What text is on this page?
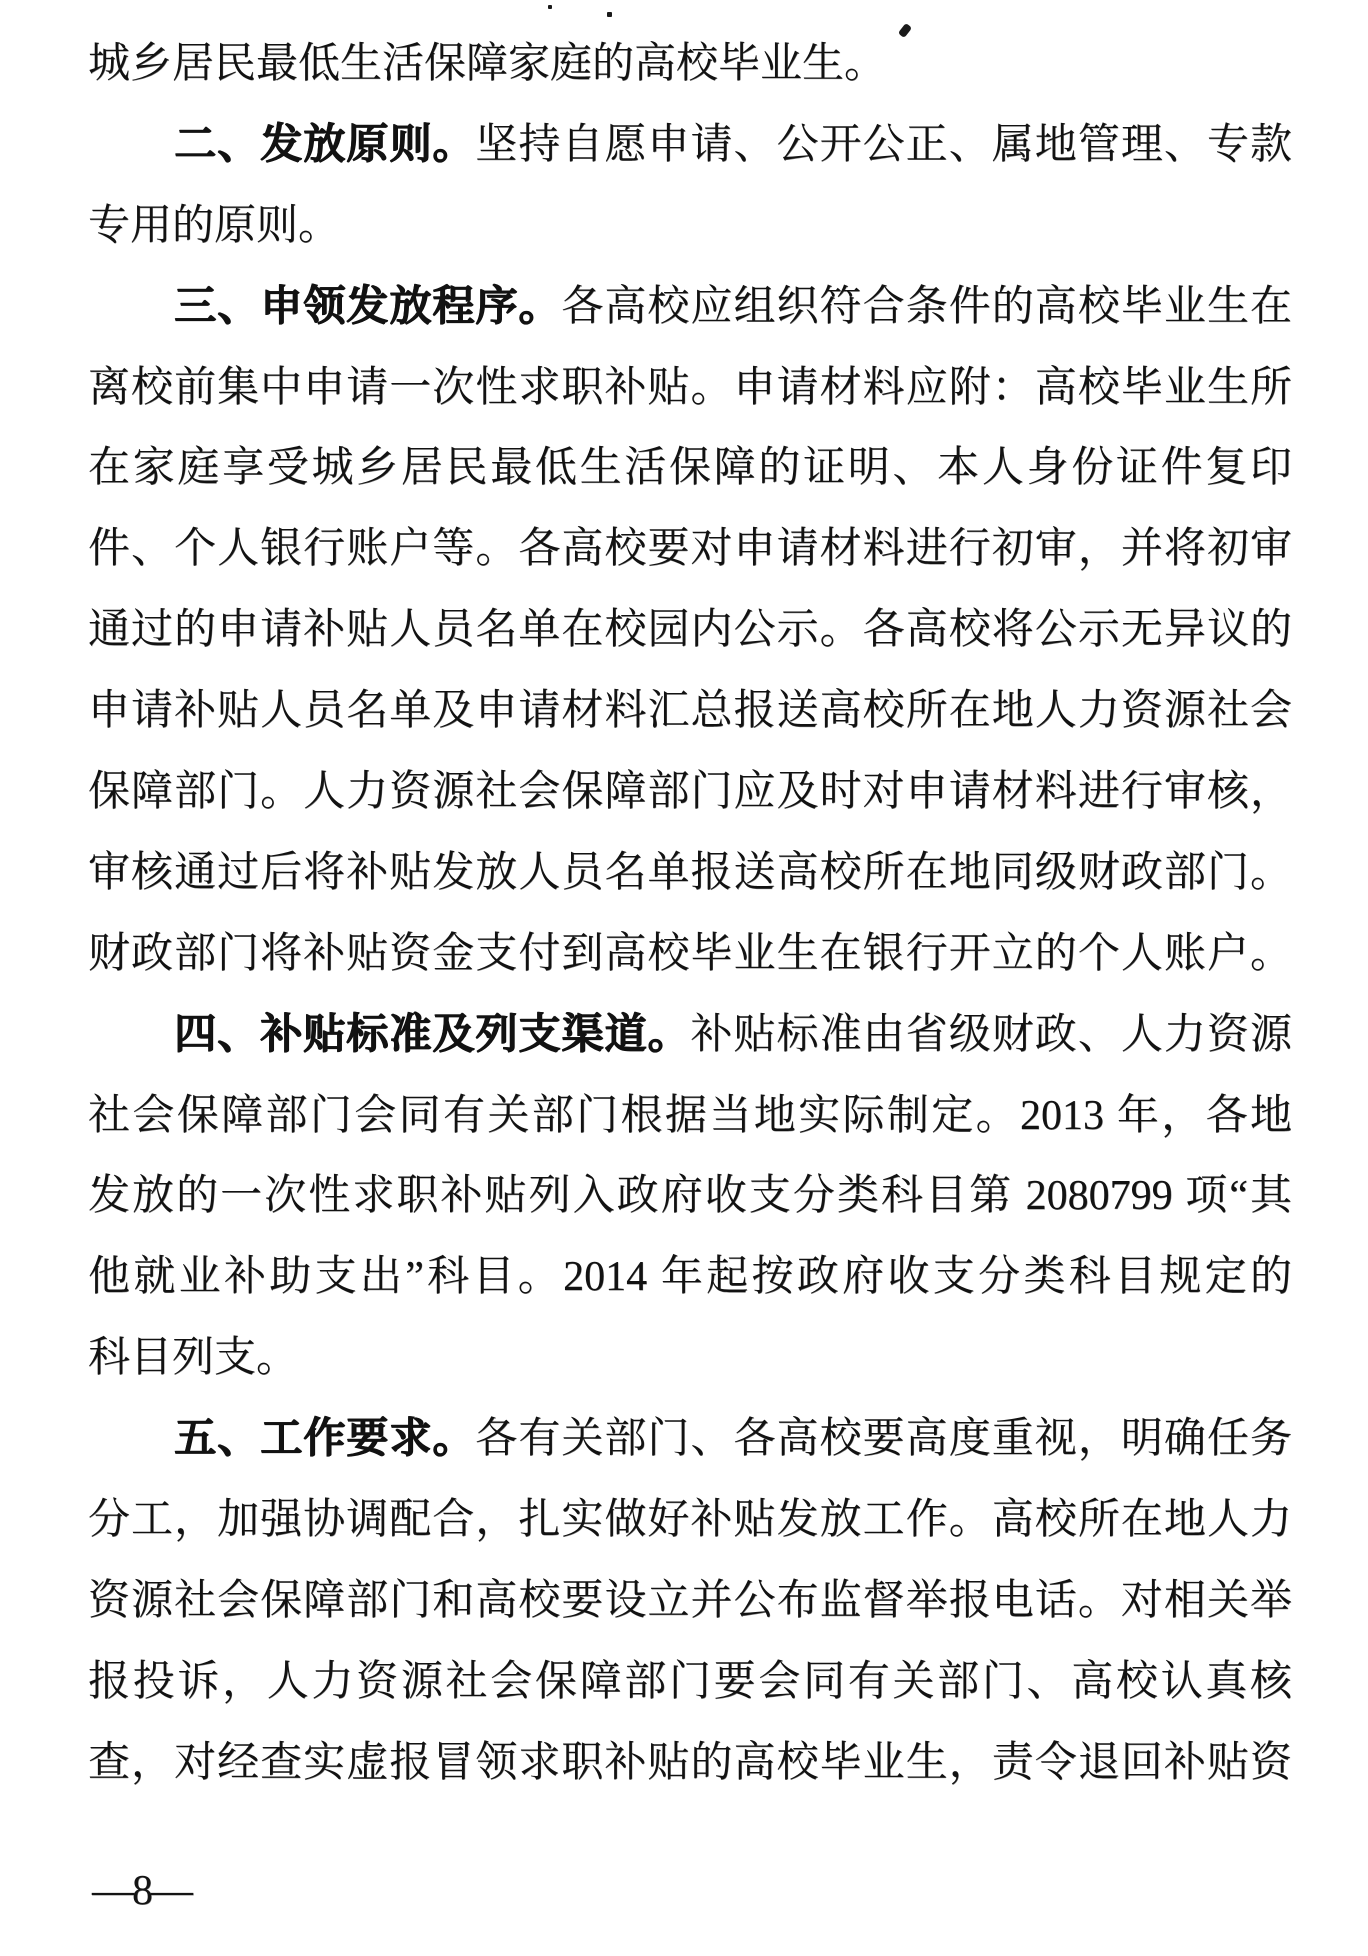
城乡居民最低生活保障家庭的高校毕业生。
二、发放原则。坚持自愿申请、公开公正、属地管理、专款
专用的原则。
三、申领发放程序。各高校应组织符合条件的高校毕业生在
离校前集中申请一次性求职补贴。申请材料应附：高校毕业生所
在家庭享受城乡居民最低生活保障的证明、本人身份证件复印
件、个人银行账户等。各高校要对申请材料进行初审，并将初审
通过的申请补贴人员名单在校园内公示。各高校将公示无异议的
申请补贴人员名单及申请材料汇总报送高校所在地人力资源社会
保障部门。人力资源社会保障部门应及时对申请材料进行审核，
审核通过后将补贴发放人员名单报送高校所在地同级财政部门。
财政部门将补贴资金支付到高校毕业生在银行开立的个人账户。
四、补贴标准及列支渠道。补贴标准由省级财政、人力资源
社会保障部门会同有关部门根据当地实际制定。2013 年，各地
发放的一次性求职补贴列入政府收支分类科目第 2080799 项“其
他就业补助支出”科目。2014 年起按政府收支分类科目规定的
科目列支。
五、工作要求。各有关部门、各高校要高度重视，明确任务
分工，加强协调配合，扎实做好补贴发放工作。高校所在地人力
资源社会保障部门和高校要设立并公布监督举报电话。对相关举
报投诉，人力资源社会保障部门要会同有关部门、高校认真核
查，对经查实虚报冒领求职补贴的高校毕业生，责令退回补贴资
—8—
